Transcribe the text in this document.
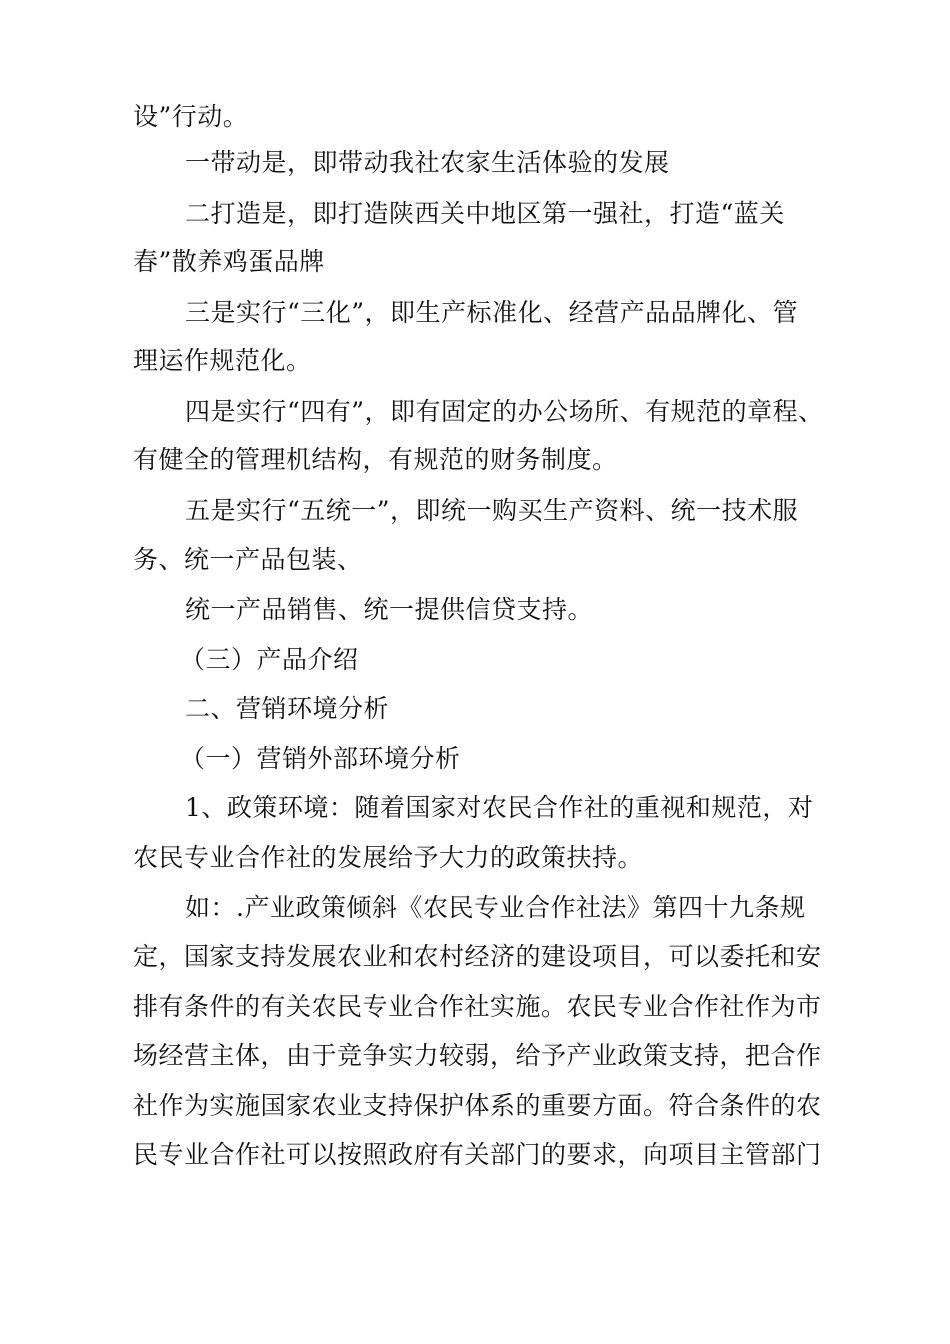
设”行动。
一带动是，即带动我社农家生活体验的发展
二打造是，即打造陕西关中地区第一强社，打造“蓝关
春”散养鸡蛋品牌
三是实行“三化”，即生产标准化、经营产品品牌化、管
理运作规范化。
四是实行“四有”，即有固定的办公场所、有规范的章程、
有健全的管理机结构，有规范的财务制度。
五是实行“五统一”，即统一购买生产资料、统一技术服
务、统一产品包装、
统一产品销售、统一提供信贷支持。
（三）产品介绍
二、营销环境分析
（一）营销外部环境分析
1、政策环境：随着国家对农民合作社的重视和规范，对
农民专业合作社的发展给予大力的政策扶持。
如：.产业政策倾斜《农民专业合作社法》第四十九条规
定，国家支持发展农业和农村经济的建设项目，可以委托和安
排有条件的有关农民专业合作社实施。农民专业合作社作为市
场经营主体，由于竞争实力较弱，给予产业政策支持，把合作
社作为实施国家农业支持保护体系的重要方面。符合条件的农
民专业合作社可以按照政府有关部门的要求，向项目主管部门
